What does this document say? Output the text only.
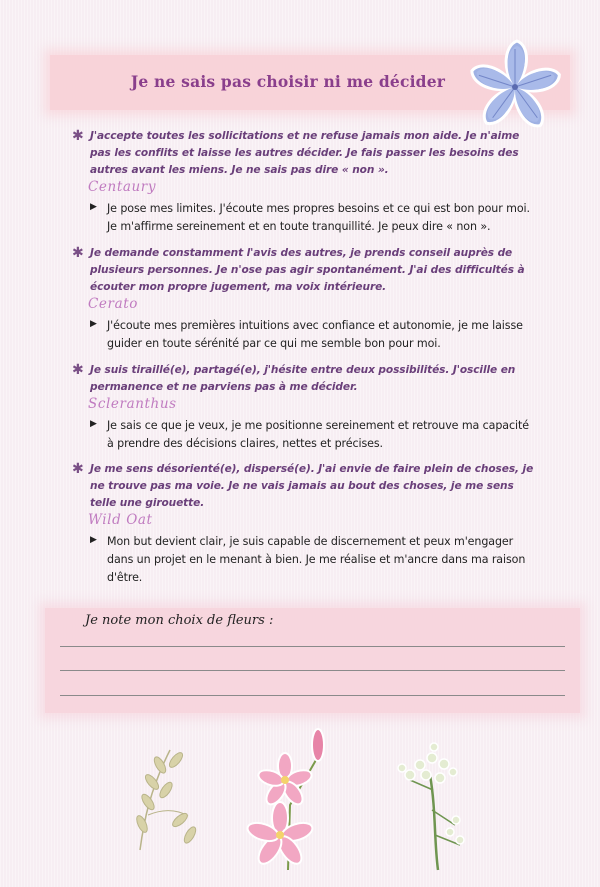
Je ne sais pas choisir ni me décider
✱ J'accepte toutes les sollicitations et ne refuse jamais mon aide. Je n'aime pas les conflits et laisse les autres décider. Je fais passer les besoins des autres avant les miens. Je ne sais pas dire « non ».
Centaury
▶ Je pose mes limites. J'écoute mes propres besoins et ce qui est bon pour moi. Je m'affirme sereinement et en toute tranquillité. Je peux dire « non ».
✱ Je demande constamment l'avis des autres, je prends conseil auprès de plusieurs personnes. Je n'ose pas agir spontanément. J'ai des difficultés à écouter mon propre jugement, ma voix intérieure.
Cerato
▶ J'écoute mes premières intuitions avec confiance et autonomie, je me laisse guider en toute sérénité par ce qui me semble bon pour moi.
✱ Je suis tiraillé(e), partagé(e), j'hésite entre deux possibilités. J'oscille en permanence et ne parviens pas à me décider.
Scleranthus
▶ Je sais ce que je veux, je me positionne sereinement et retrouve ma capacité à prendre des décisions claires, nettes et précises.
✱ Je me sens désorienté(e), dispersé(e). J'ai envie de faire plein de choses, je ne trouve pas ma voie. Je ne vais jamais au bout des choses, je me sens telle une girouette.
Wild Oat
▶ Mon but devient clair, je suis capable de discernement et peux m'engager dans un projet en le menant à bien. Je me réalise et m'ancre dans ma raison d'être.
Je note mon choix de fleurs :
